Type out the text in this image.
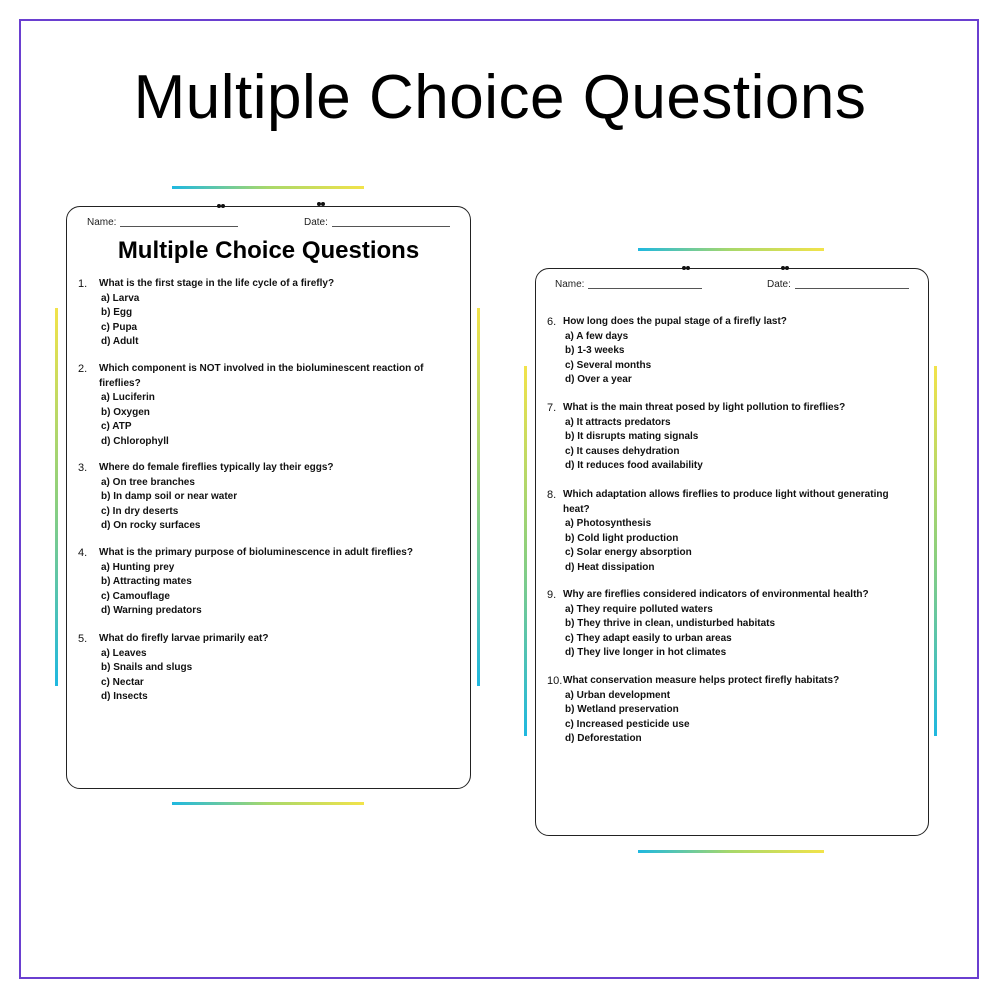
Multiple Choice Questions
Name:	Date:
Multiple Choice Questions
1. What is the first stage in the life cycle of a firefly?
a) Larva
b) Egg
c) Pupa
d) Adult
2. Which component is NOT involved in the bioluminescent reaction of fireflies?
a) Luciferin
b) Oxygen
c) ATP
d) Chlorophyll
3. Where do female fireflies typically lay their eggs?
a) On tree branches
b) In damp soil or near water
c) In dry deserts
d) On rocky surfaces
4. What is the primary purpose of bioluminescence in adult fireflies?
a) Hunting prey
b) Attracting mates
c) Camouflage
d) Warning predators
5. What do firefly larvae primarily eat?
a) Leaves
b) Snails and slugs
c) Nectar
d) Insects
Name:	Date:
6. How long does the pupal stage of a firefly last?
a) A few days
b) 1-3 weeks
c) Several months
d) Over a year
7. What is the main threat posed by light pollution to fireflies?
a) It attracts predators
b) It disrupts mating signals
c) It causes dehydration
d) It reduces food availability
8. Which adaptation allows fireflies to produce light without generating heat?
a) Photosynthesis
b) Cold light production
c) Solar energy absorption
d) Heat dissipation
9. Why are fireflies considered indicators of environmental health?
a) They require polluted waters
b) They thrive in clean, undisturbed habitats
c) They adapt easily to urban areas
d) They live longer in hot climates
10. What conservation measure helps protect firefly habitats?
a) Urban development
b) Wetland preservation
c) Increased pesticide use
d) Deforestation
